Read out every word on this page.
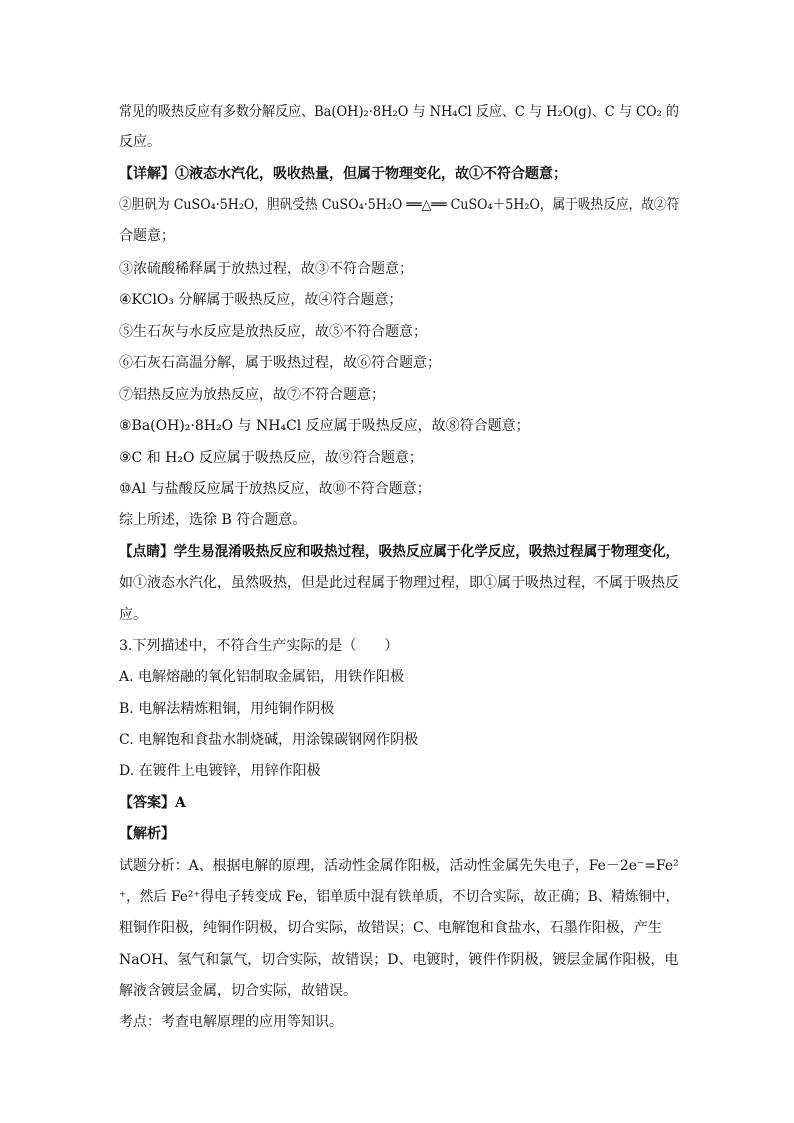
常见的吸热反应有多数分解反应、Ba(OH)₂·8H₂O 与 NH₄Cl 反应、C 与 H₂O(g)、C 与 CO₂ 的
反应。
【详解】①液态水汽化，吸收热量，但属于物理变化，故①不符合题意；
②胆矾为 CuSO₄·5H₂O，胆矾受热 CuSO₄·5H₂O ══△══ CuSO₄＋5H₂O，属于吸热反应，故②符
合题意；
③浓硫酸稀释属于放热过程，故③不符合题意；
④KClO₃ 分解属于吸热反应，故④符合题意；
⑤生石灰与水反应是放热反应，故⑤不符合题意；
⑥石灰石高温分解，属于吸热过程，故⑥符合题意；
⑦铝热反应为放热反应，故⑦不符合题意；
⑧Ba(OH)₂·8H₂O 与 NH₄Cl 反应属于吸热反应，故⑧符合题意；
⑨C 和 H₂O 反应属于吸热反应，故⑨符合题意；
⑩Al 与盐酸反应属于放热反应，故⑩不符合题意；
综上所述，选徐 B 符合题意。
【点睛】学生易混淆吸热反应和吸热过程，吸热反应属于化学反应，吸热过程属于物理变化，
如①液态水汽化，虽然吸热，但是此过程属于物理过程，即①属于吸热过程，不属于吸热反
应。
3.下列描述中，不符合生产实际的是（　　）
A. 电解熔融的氧化铝制取金属铝，用铁作阳极
B. 电解法精炼粗铜，用纯铜作阴极
C. 电解饱和食盐水制烧碱，用涂镍碳钢网作阴极
D. 在镀件上电镀锌，用锌作阳极
【答案】A
【解析】
试题分析：A、根据电解的原理，活动性金属作阳极，活动性金属先失电子，Fe－2e⁻=Fe²
⁺，然后 Fe²⁺得电子转变成 Fe，铝单质中混有铁单质，不切合实际，故正确；B、精炼铜中，
粗铜作阳极，纯铜作阴极，切合实际，故错误；C、电解饱和食盐水，石墨作阳极，产生
NaOH、氢气和氯气，切合实际，故错误；D、电镀时，镀件作阴极，镀层金属作阳极，电
解液含镀层金属，切合实际，故错误。
考点：考查电解原理的应用等知识。
